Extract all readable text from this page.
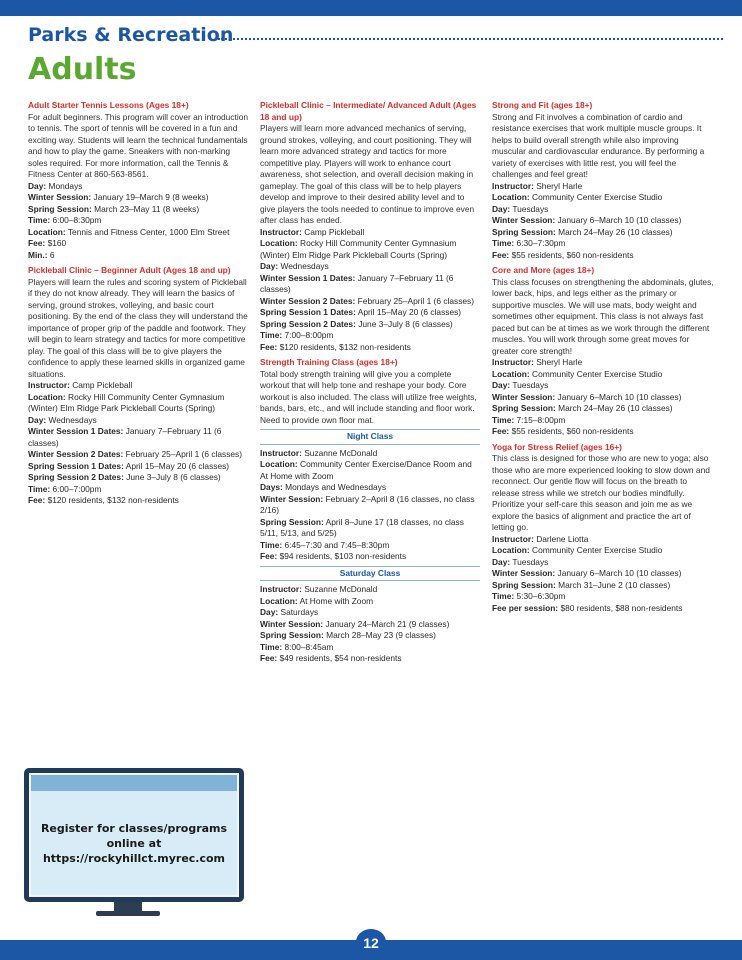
Parks & Recreation
Adults
Adult Starter Tennis Lessons (Ages 18+)
For adult beginners. This program will cover an introduction to tennis. The sport of tennis will be covered in a fun and exciting way. Students will learn the technical fundamentals and how to play the game. Sneakers with non-marking soles required. For more information, call the Tennis & Fitness Center at 860-563-8561.
Day: Mondays
Winter Session: January 19–March 9 (8 weeks)
Spring Session: March 23–May 11 (8 weeks)
Time: 6:00–8:30pm
Location: Tennis and Fitness Center, 1000 Elm Street
Fee: $160
Min.: 6
Pickleball Clinic – Beginner Adult (Ages 18 and up)
Players will learn the rules and scoring system of Pickleball if they do not know already. They will learn the basics of serving, ground strokes, volleying, and basic court positioning. By the end of the class they will understand the importance of proper grip of the paddle and footwork. They will begin to learn strategy and tactics for more competitive play. The goal of this class will be to give players the confidence to apply these learned skills in organized game situations.
Instructor: Camp Pickleball
Location: Rocky Hill Community Center Gymnasium (Winter) Elm Ridge Park Pickleball Courts (Spring)
Day: Wednesdays
Winter Session 1 Dates: January 7–February 11 (6 classes)
Winter Session 2 Dates: February 25–April 1 (6 classes)
Spring Session 1 Dates: April 15–May 20 (6 classes)
Spring Session 2 Dates: June 3–July 8 (6 classes)
Time: 6:00–7:00pm
Fee: $120 residents, $132 non-residents
Pickleball Clinic – Intermediate/ Advanced Adult (Ages 18 and up)
Players will learn more advanced mechanics of serving, ground strokes, volleying, and court positioning. They will learn more advanced strategy and tactics for more competitive play. Players will work to enhance court awareness, shot selection, and overall decision making in gameplay. The goal of this class will be to help players develop and improve to their desired ability level and to give players the tools needed to continue to improve even after class has ended.
Instructor: Camp Pickleball
Location: Rocky Hill Community Center Gymnasium (Winter) Elm Ridge Park Pickleball Courts (Spring)
Day: Wednesdays
Winter Session 1 Dates: January 7–February 11 (6 classes)
Winter Session 2 Dates: February 25–April 1 (6 classes)
Spring Session 1 Dates: April 15–May 20 (6 classes)
Spring Session 2 Dates: June 3–July 8 (6 classes)
Time: 7:00–8:00pm
Fee: $120 residents, $132 non-residents
Strength Training Class (ages 18+)
Total body strength training will give you a complete workout that will help tone and reshape your body. Core workout is also included. The class will utilize free weights, bands, bars, etc., and will include standing and floor work. Need to provide own floor mat.
Night Class
Instructor: Suzanne McDonald
Location: Community Center Exercise/Dance Room and At Home with Zoom
Days: Mondays and Wednesdays
Winter Session: February 2–April 8 (16 classes, no class 2/16)
Spring Session: April 8–June 17 (18 classes, no class 5/11, 5/13, and 5/25)
Time: 6:45–7:30 and 7:45–8:30pm
Fee: $94 residents, $103 non-residents
Saturday Class
Instructor: Suzanne McDonald
Location: At Home with Zoom
Day: Saturdays
Winter Session: January 24–March 21 (9 classes)
Spring Session: March 28–May 23 (9 classes)
Time: 8:00–8:45am
Fee: $49 residents, $54 non-residents
Strong and Fit (ages 18+)
Strong and Fit involves a combination of cardio and resistance exercises that work multiple muscle groups. It helps to build overall strength while also improving muscular and cardiovascular endurance. By performing a variety of exercises with little rest, you will feel the challenges and feel great!
Instructor: Sheryl Harle
Location: Community Center Exercise Studio
Day: Tuesdays
Winter Session: January 6–March 10 (10 classes)
Spring Session: March 24–May 26 (10 classes)
Time: 6:30–7:30pm
Fee: $55 residents, $60 non-residents
Core and More (ages 18+)
This class focuses on strengthening the abdominals, glutes, lower back, hips, and legs either as the primary or supportive muscles. We will use mats, body weight and sometimes other equipment. This class is not always fast paced but can be at times as we work through the different muscles. You will work through some great moves for greater core strength!
Instructor: Sheryl Harle
Location: Community Center Exercise Studio
Day: Tuesdays
Winter Session: January 6–March 10 (10 classes)
Spring Session: March 24–May 26 (10 classes)
Time: 7:15–8:00pm
Fee: $55 residents, $60 non-residents
Yoga for Stress Relief (ages 16+)
This class is designed for those who are new to yoga; also those who are more experienced looking to slow down and reconnect. Our gentle flow will focus on the breath to release stress while we stretch our bodies mindfully. Prioritize your self-care this season and join me as we explore the basics of alignment and practice the art of letting go.
Instructor: Darlene Liotta
Location: Community Center Exercise Studio
Day: Tuesdays
Winter Session: January 6–March 10 (10 classes)
Spring Session: March 31–June 2 (10 classes)
Time: 5:30–6:30pm
Fee per session: $80 residents, $88 non-residents
Register for classes/programs online at https://rockyhillct.myrec.com
12
